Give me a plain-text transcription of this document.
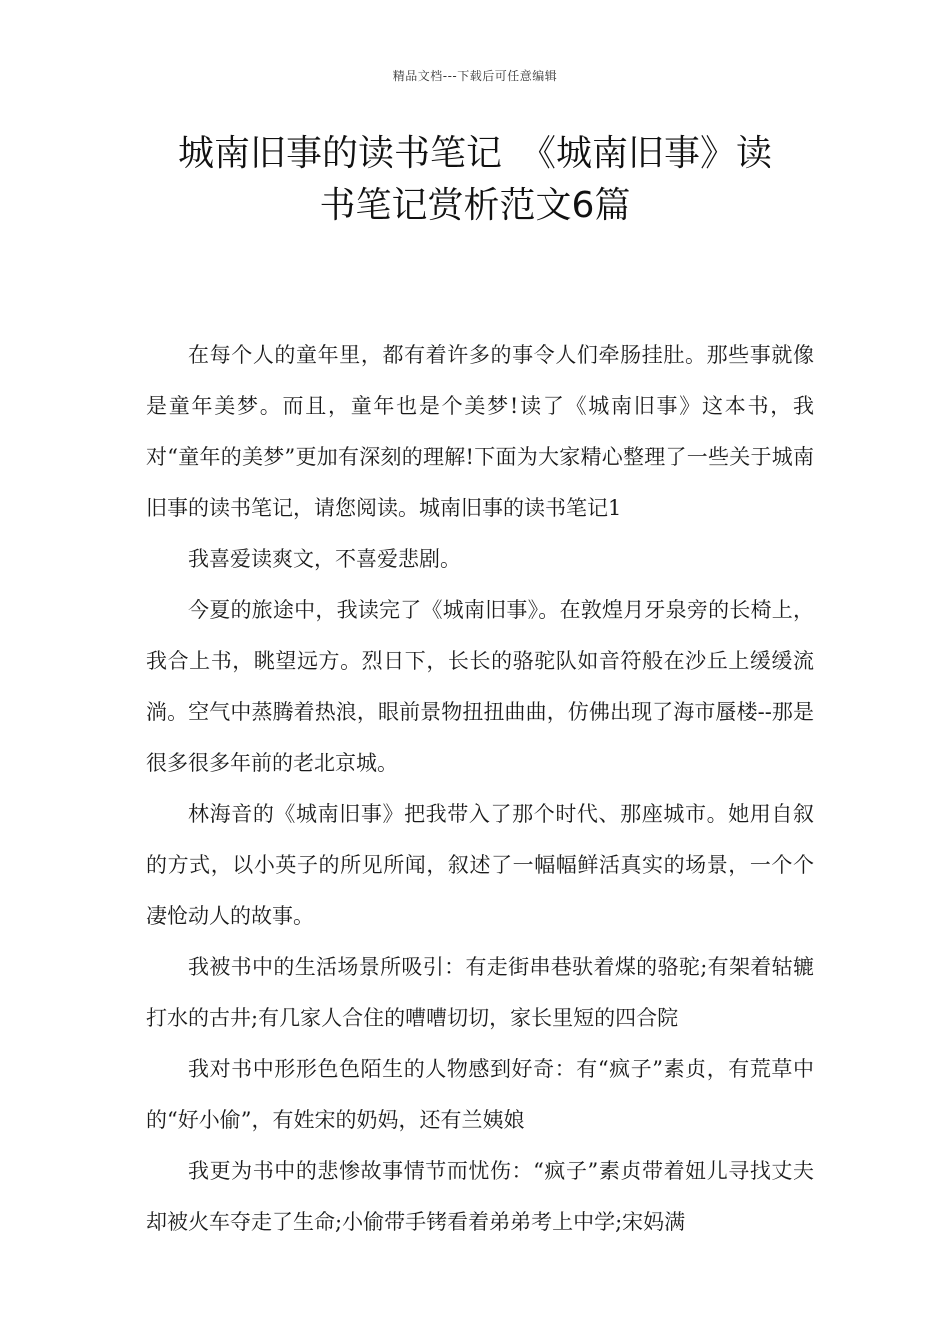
精品文档---下载后可任意编辑
城南旧事的读书笔记　《城南旧事》读
书笔记赏析范文6篇

在每个人的童年里，都有着许多的事令人们牵肠挂肚。那些事就像是童年美梦。而且，童年也是个美梦!读了《城南旧事》这本书，我对“童年的美梦”更加有深刻的理解!下面为大家精心整理了一些关于城南旧事的读书笔记，请您阅读。城南旧事的读书笔记1

我喜爱读爽文，不喜爱悲剧。

今夏的旅途中，我读完了《城南旧事》。在敦煌月牙泉旁的长椅上，我合上书，眺望远方。烈日下，长长的骆驼队如音符般在沙丘上缓缓流淌。空气中蒸腾着热浪，眼前景物扭扭曲曲，仿佛出现了海市蜃楼--那是很多很多年前的老北京城。

林海音的《城南旧事》把我带入了那个时代、那座城市。她用自叙的方式，以小英子的所见所闻，叙述了一幅幅鲜活真实的场景，一个个凄怆动人的故事。

我被书中的生活场景所吸引：有走街串巷驮着煤的骆驼;有架着轱辘打水的古井;有几家人合住的嘈嘈切切，家长里短的四合院

我对书中形形色色陌生的人物感到好奇：有“疯子”素贞，有荒草中的“好小偷”，有姓宋的奶妈，还有兰姨娘

我更为书中的悲惨故事情节而忧伤：“疯子”素贞带着妞儿寻找丈夫却被火车夺走了生命;小偷带手铐看着弟弟考上中学;宋妈满
